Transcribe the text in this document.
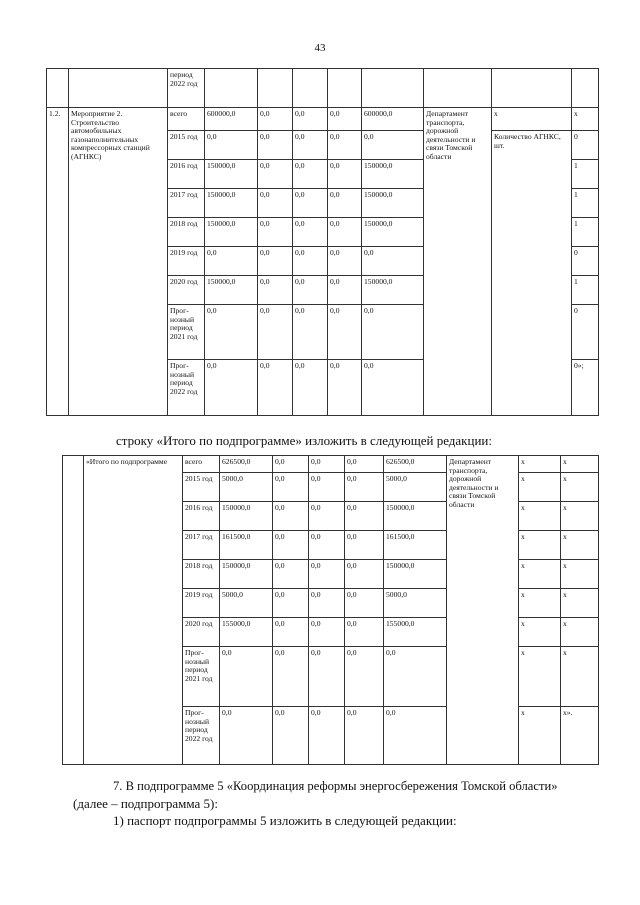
43
		период 2022 год								
1.2.	Мероприятие 2. Строительство автомобильных газонаполнительных компрессорных станций (АГНКС)	всего	600000,0	0,0	0,0	0,0	600000,0	Департамент транспорта, дорожной деятельности и связи Томской области	x	x
		2015 год	0,0	0,0	0,0	0,0	0,0		Количество АГНКС, шт.	0
		2016 год	150000,0	0,0	0,0	0,0	150000,0			1
		2017 год	150000,0	0,0	0,0	0,0	150000,0			1
		2018 год	150000,0	0,0	0,0	0,0	150000,0			1
		2019 год	0,0	0,0	0,0	0,0	0,0			0
		2020 год	150000,0	0,0	0,0	0,0	150000,0			1
		Прог-нозный период 2021 год	0,0	0,0	0,0	0,0	0,0			0
		Прог-нозный период 2022 год	0,0	0,0	0,0	0,0	0,0			0»;
строку «Итого по подпрограмме» изложить в следующей редакции:
	«Итого по подпрограмме	всего	626500,0	0,0	0,0	0,0	626500,0	Департамент транспорта, дорожной деятельности и связи Томской области	x	x
		2015 год	5000,0	0,0	0,0	0,0	5000,0		x	x
		2016 год	150000,0	0,0	0,0	0,0	150000,0		x	x
		2017 год	161500,0	0,0	0,0	0,0	161500,0		x	x
		2018 год	150000,0	0,0	0,0	0,0	150000,0		x	x
		2019 год	5000,0	0,0	0,0	0,0	5000,0		x	x
		2020 год	155000,0	0,0	0,0	0,0	155000,0		x	x
		Прог-нозный период 2021 год	0,0	0,0	0,0	0,0	0,0		x	x
		Прог-нозный период 2022 год	0,0	0,0	0,0	0,0	0,0		x	x».
7. В подпрограмме 5 «Координация реформы энергосбережения Томской области»
(далее – подпрограмма 5):
1) паспорт подпрограммы 5 изложить в следующей редакции:
